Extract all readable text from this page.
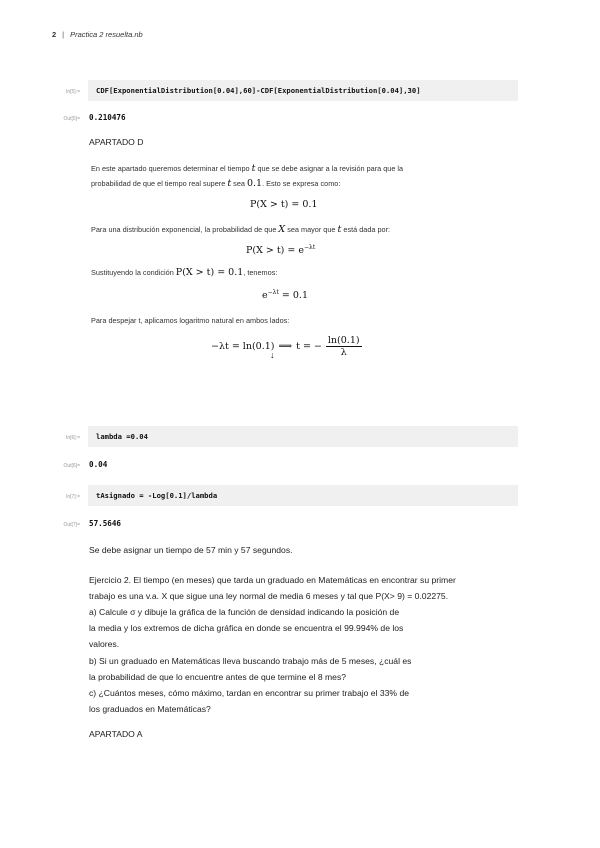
2 | Practica 2 resuelta.nb
In[5]:= CDF[ExponentialDistribution[0.04],60]-CDF[ExponentialDistribution[0.04],30]
Out[5]= 0.210476
APARTADO D
En este apartado queremos determinar el tiempo t que se debe asignar a la revisión para que la
probabilidad de que el tiempo real supere t sea 0.1. Esto se expresa como:
P(X > t) = 0.1
Para una distribución exponencial, la probabilidad de que X sea mayor que t está dada por:
$P(X > t) = e^{-\lambda t}$
Sustituyendo la condición P(X > t) = 0.1, tenemos:
$e^{-\lambda t} = 0.1$
Para despejar t, aplicamos logaritmo natural en ambos lados:
−λt = ln(0.1) ⟹ t = − $\frac{\ln(0.1)}{\lambda}$
↓
In[6]:= lambda =0.04
Out[6]= 0.04
In[7]:= tAsignado = -Log[0.1]/lambda
Out[7]= 57.5646
Se debe asignar un tiempo de 57 min y 57 segundos.
Ejercicio 2. El tiempo (en meses) que tarda un graduado en Matemáticas en encontrar su primer
trabajo es una v.a. X que sigue una ley normal de media 6 meses y tal que P(X> 9) = 0.02275.
a) Calcule σ y dibuje la gráfica de la función de densidad indicando la posición de
la media y los extremos de dicha gráfica en donde se encuentra el 99.994% de los
valores.
b) Si un graduado en Matemáticas lleva buscando trabajo más de 5 meses, ¿cuál es
la probabilidad de que lo encuentre antes de que termine el 8 mes?
c) ¿Cuántos meses, cómo máximo, tardan en encontrar su primer trabajo el 33% de
los graduados en Matemáticas?
APARTADO A
